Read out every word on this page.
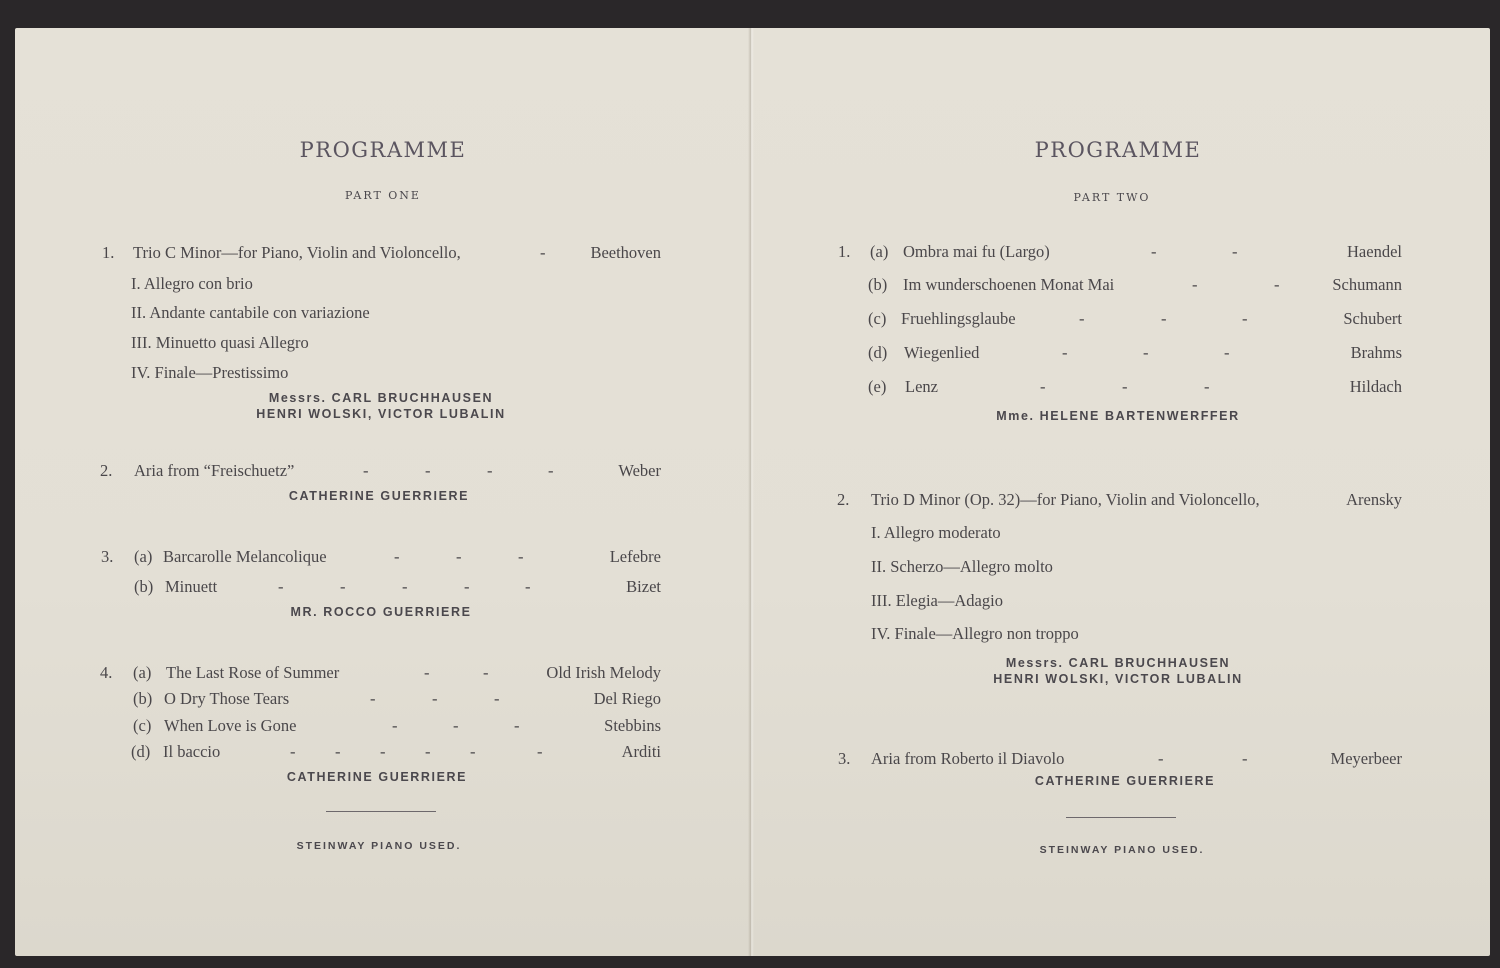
PROGRAMME
PART ONE
1. Trio C Minor—for Piano, Violin and Violoncello,	-	Beethoven
I. Allegro con brio
II. Andante cantabile con variazione
III. Minuetto quasi Allegro
IV. Finale—Prestissimo
Messrs. CARL BRUCHHAUSEN
HENRI WOLSKI, VICTOR LUBALIN
2. Aria from “Freischuetz”	-	-	-	-	Weber
CATHERINE GUERRIERE
3. (a) Barcarolle Melancolique	-	-	-	Lefebre
(b) Minuett	-	-	-	-	-	Bizet
MR. ROCCO GUERRIERE
4. (a) The Last Rose of Summer	-	-	Old Irish Melody
(b) O Dry Those Tears	-	-	-	Del Riego
(c) When Love is Gone	-	-	-	Stebbins
(d) Il baccio	- - - - -	-	Arditi
CATHERINE GUERRIERE
STEINWAY PIANO USED.
PROGRAMME
PART TWO
1. (a) Ombra mai fu (Largo)	-	-	Haendel
(b) Im wunderschoenen Monat Mai	-	-	Schumann
(c) Fruehlingsglaube	-	-	-	Schubert
(d) Wiegenlied	-	-	-	Brahms
(e) Lenz	-	-	-	Hildach
Mme. HELENE BARTENWERFFER
2. Trio D Minor (Op. 32)—for Piano, Violin and Violoncello,	Arensky
I. Allegro moderato
II. Scherzo—Allegro molto
III. Elegia—Adagio
IV. Finale—Allegro non troppo
Messrs. CARL BRUCHHAUSEN
HENRI WOLSKI, VICTOR LUBALIN
3. Aria from Roberto il Diavolo	-	-	Meyerbeer
CATHERINE GUERRIERE
STEINWAY PIANO USED.
